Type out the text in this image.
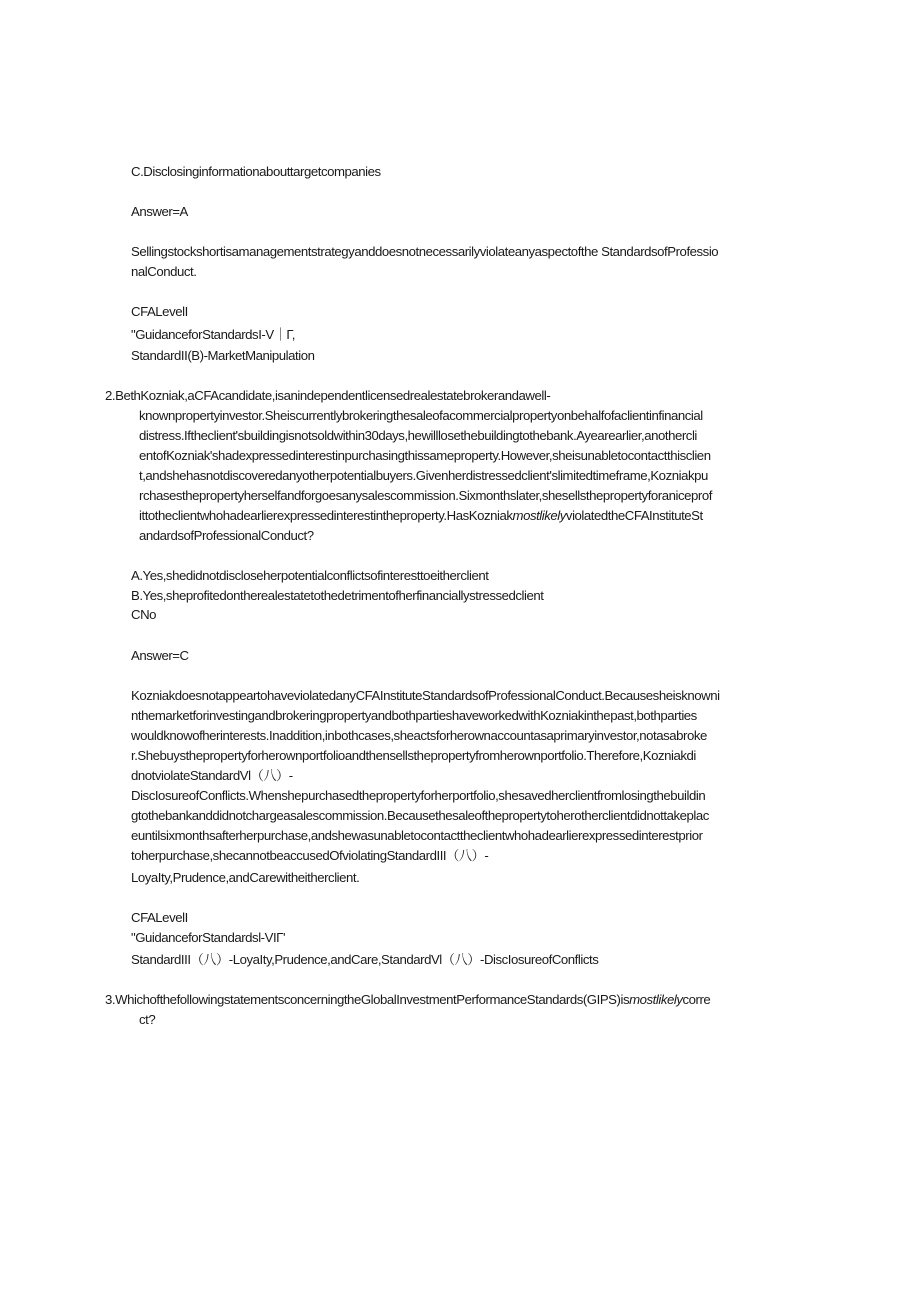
C.Disclosinginformationabouttargetcompanies
Answer=A
Sellingstockshortisamanagementstrategyanddoesnotnecessarilyviolateanyaspectofthe StandardsofProfessio
nalConduct.
CFALevelI
"GuidanceforStandardsI-V｜Γ,
StandardII(B)-MarketManipulation
2.BethKozniak,aCFAcandidate,isanindependentlicensedrealestatebrokerandawell-
knownpropertyinvestor.Sheiscurrentlybrokeringthesaleofacommercialpropertyonbehalfofaclientinfinancial
distress.Iftheclient'sbuildingisnotsoldwithin30days,hewilllosethebuildingtothebank.Ayearearlier,anothercli
entofKozniak'shadexpressedinterestinpurchasingthissameproperty.However,sheisunabletocontactthisclien
t,andshehasnotdiscoveredanyotherpotentialbuyers.Givenherdistressedclient'slimitedtimeframe,Kozniakpu
rchasesthepropertyherselfandforgoesanysalescommission.Sixmonthslater,shesellsthepropertyforaniceprof
ittotheclientwhohadearlierexpressedinterestintheproperty.HasKozniakmostlikelyviolatedtheCFAInstituteSt
andardsofProfessionalConduct?
A.Yes,shedidnotdiscloseherpotentialconflictsofinteresttoeitherclient
B.Yes,sheprofitedontherealestatetothedetrimentofherfinanciallystressedclient
CNo
Answer=C
KozniakdoesnotappeartohaveviolatedanyCFAInstituteStandardsofProfessionalConduct.Becausesheisknowni
nthemarketforinvestingandbrokeringpropertyandbothpartieshaveworkedwithKozniakinthepast,bothparties
wouldknowofherinterests.Inaddition,inbothcases,sheactsforherownaccountasaprimaryinvestor,notasabroke
r.Shebuysthepropertyforherownportfolioandthensellsthepropertyfromherownportfolio.Therefore,Kozniakdi
dnotviolateStandardVl（八）-
DiscIosureofConflicts.Whenshepurchasedthepropertyforherportfolio,shesavedherclientfromlosingthebuildin
gtothebankanddidnotchargeasalescommission.Becausethesaleofthepropertytoherotherclientdidnottakeplac
euntilsixmonthsafterherpurchase,andshewasunabletocontacttheclientwhohadearlierexpressedinterestprior
toherpurchase,shecannotbeaccusedOfviolatingStandardIII（八）-
LoyaIty,Prudence,andCarewitheitherclient.
CFALevelI
"GuidanceforStandardsl-VIΓ'
StandardIII（八）-LoyaIty,Prudence,andCare,StandardVl（八）-DiscIosureofConflicts
3.WhichofthefollowingstatementsconcerningtheGlobalInvestmentPerformanceStandards(GIPS)ismostlikelycorre
ct?
